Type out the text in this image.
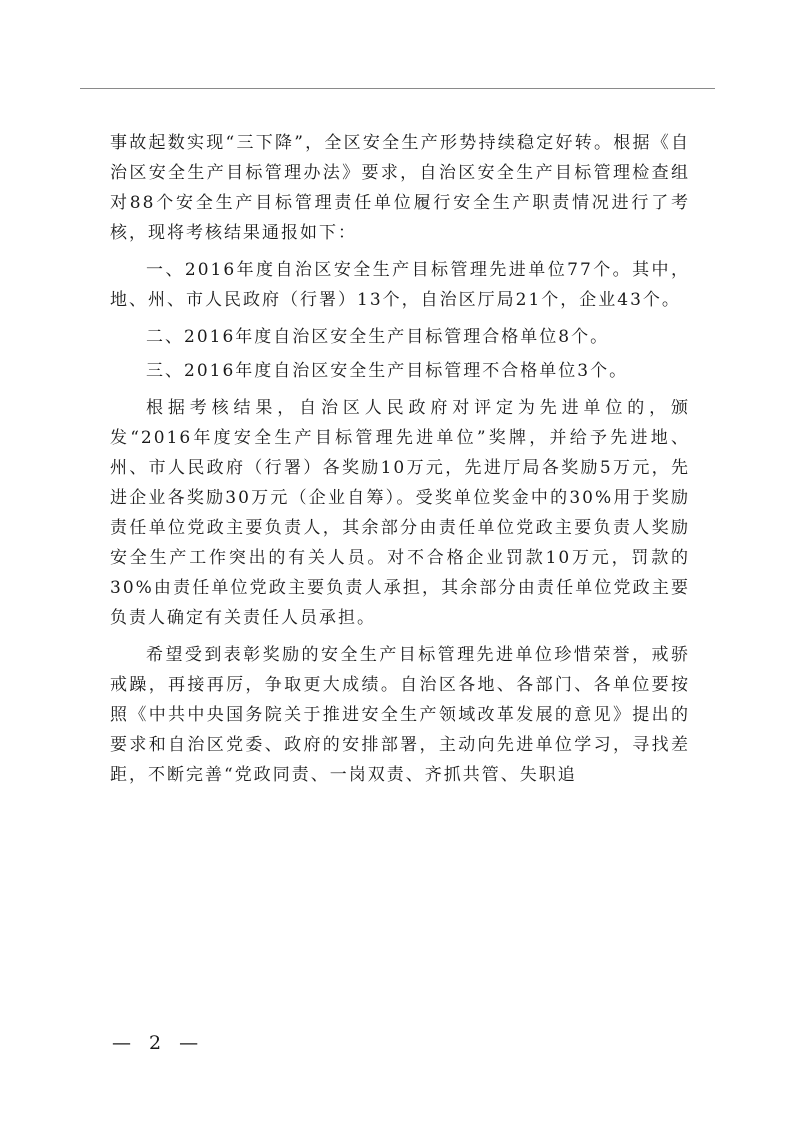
事故起数实现“三下降”，全区安全生产形势持续稳定好转。根据《自治区安全生产目标管理办法》要求，自治区安全生产目标管理检查组对88个安全生产目标管理责任单位履行安全生产职责情况进行了考核，现将考核结果通报如下：

一、2016年度自治区安全生产目标管理先进单位77个。其中，地、州、市人民政府（行署）13个，自治区厅局21个，企业43个。

二、2016年度自治区安全生产目标管理合格单位8个。

三、2016年度自治区安全生产目标管理不合格单位3个。

根据考核结果，自治区人民政府对评定为先进单位的，颁发“2016年度安全生产目标管理先进单位”奖牌，并给予先进地、州、市人民政府（行署）各奖励10万元，先进厅局各奖励5万元，先进企业各奖励30万元（企业自筹）。受奖单位奖金中的30%用于奖励责任单位党政主要负责人，其余部分由责任单位党政主要负责人奖励安全生产工作突出的有关人员。对不合格企业罚款10万元，罚款的30%由责任单位党政主要负责人承担，其余部分由责任单位党政主要负责人确定有关责任人员承担。

希望受到表彰奖励的安全生产目标管理先进单位珍惜荣誉，戒骄戒躁，再接再厉，争取更大成绩。自治区各地、各部门、各单位要按照《中共中央国务院关于推进安全生产领域改革发展的意见》提出的要求和自治区党委、政府的安排部署，主动向先进单位学习，寻找差距，不断完善“党政同责、一岗双责、齐抓共管、失职追

— 2 —
